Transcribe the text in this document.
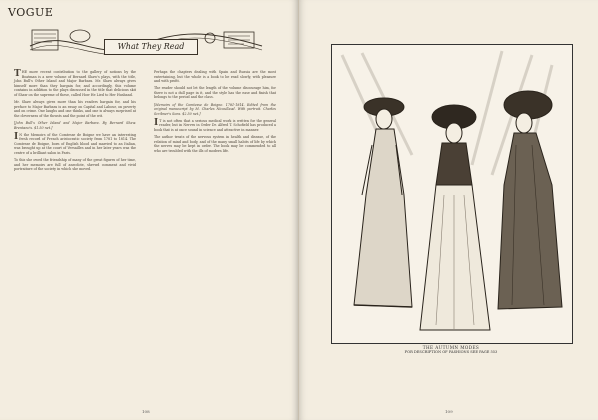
VOGUE
What They Read

THE more recent contribution to the gallery of notions by the Boatman is a new volume of Bernard Shaw's plays, with the title, John Bull's Other Island and Major Barbara. Mr. Shaw always gives himself more than they bargain for, and accordingly, this volume contains in addition to the plays discussed in the title that delicious skit of Shaw on the supreme of these, called How He Lied to Her Husband.

Mr. Shaw always gives more than his readers bargain for, and his preface to Major Barbara is an essay on Capital and Labour, on poverty and on crime. One laughs and one thinks, and one is always surprised at the cleverness of the thrusts and the point of the wit.

[John Bull's Other Island and Major Barbara. By Bernard Shaw. Brentano's. $1.50 net.]

IN the Memoirs of the Comtesse de Boigne we have an interesting fresh record of French aristocratic society from 1781 to 1814. The Comtesse de Boigne, born of English blood and married to an Italian, was brought up at the court of Versailles and in her later years was the centre of a brilliant salon in Paris.

To this she owed the friendship of many of the great figures of her time, and her memoirs are full of anecdote, shrewd comment and vivid portraiture of the society in which she moved.

Perhaps the chapters dealing with Spain and Russia are the most entertaining, but the whole is a book to be read slowly, with pleasure and with profit.

The reader should not let the length of the volume discourage him, for there is not a dull page in it, and the style has the ease and finish that belongs to the period and the class.

[Memoirs of the Comtesse de Boigne. 1781-1814. Edited from the original manuscript by M. Charles Nicoullaud. With portrait. Charles Scribner's Sons. $2.50 net.]

IT is not often that a serious medical work is written for the general reader, but in Nerves in Order Dr. Alfred T. Schofield has produced a book that is at once sound in science and attractive in manner.

The author treats of the nervous system in health and disease, of the relation of mind and body, and of the many small habits of life by which the nerves may be kept in order. The book may be commended to all who are troubled with the ills of modern life.

108
THE AUTUMN MODES
FOR DESCRIPTION OF FASHIONS SEE PAGE 553
109
